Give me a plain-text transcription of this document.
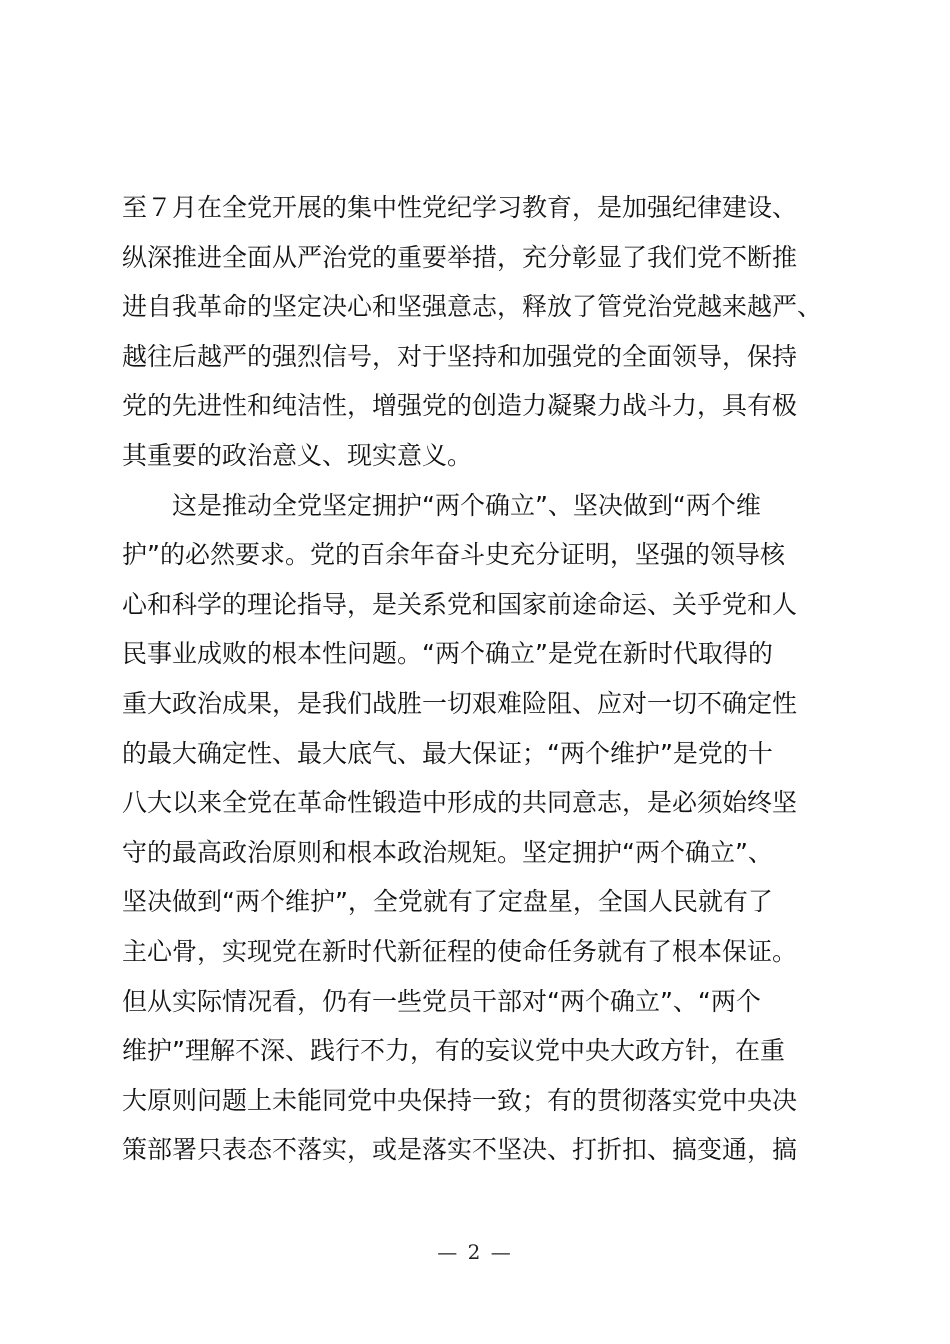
至７月在全党开展的集中性党纪学习教育，是加强纪律建设、
纵深推进全面从严治党的重要举措，充分彰显了我们党不断推
进自我革命的坚定决心和坚强意志，释放了管党治党越来越严、
越往后越严的强烈信号，对于坚持和加强党的全面领导，保持
党的先进性和纯洁性，增强党的创造力凝聚力战斗力，具有极
其重要的政治意义、现实意义。
　　这是推动全党坚定拥护“两个确立”、坚决做到“两个维
护”的必然要求。党的百余年奋斗史充分证明，坚强的领导核
心和科学的理论指导，是关系党和国家前途命运、关乎党和人
民事业成败的根本性问题。“两个确立”是党在新时代取得的
重大政治成果，是我们战胜一切艰难险阻、应对一切不确定性
的最大确定性、最大底气、最大保证；“两个维护”是党的十
八大以来全党在革命性锻造中形成的共同意志，是必须始终坚
守的最高政治原则和根本政治规矩。坚定拥护“两个确立”、
坚决做到“两个维护”，全党就有了定盘星，全国人民就有了
主心骨，实现党在新时代新征程的使命任务就有了根本保证。
但从实际情况看，仍有一些党员干部对“两个确立”、“两个
维护”理解不深、践行不力，有的妄议党中央大政方针，在重
大原则问题上未能同党中央保持一致；有的贯彻落实党中央决
策部署只表态不落实，或是落实不坚决、打折扣、搞变通，搞
— 2 —
